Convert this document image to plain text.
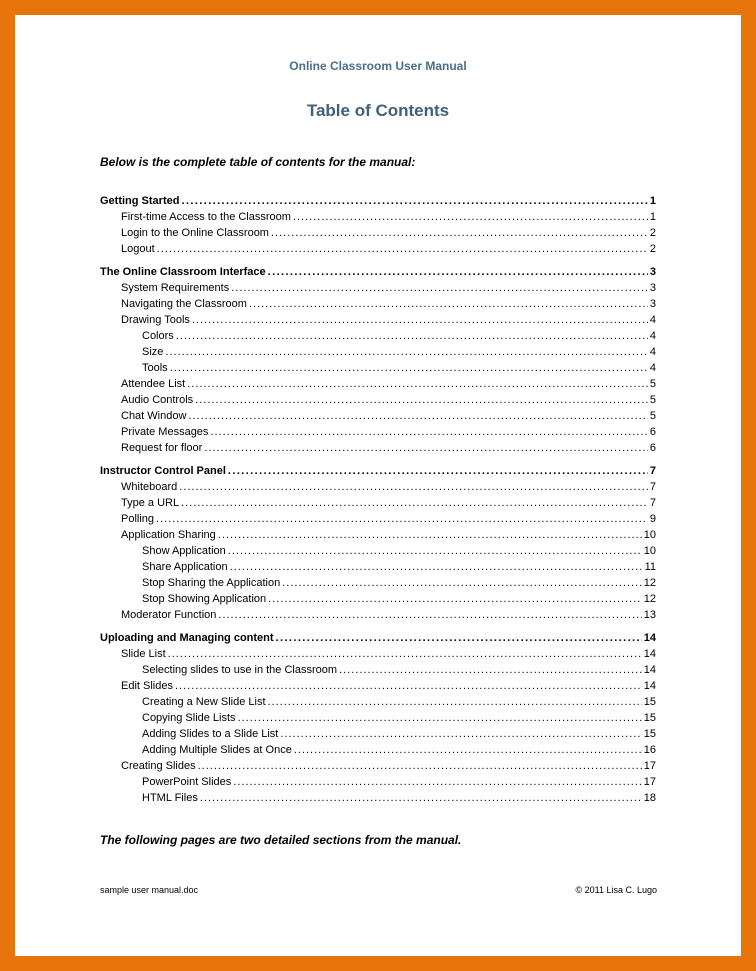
Online Classroom User Manual
Table of Contents
Below is the complete table of contents for the manual:
Getting Started .....	1
First-time Access to the Classroom .....	1
Login to the Online Classroom .....	2
Logout .....	2
The Online Classroom Interface .....	3
System Requirements .....	3
Navigating the Classroom .....	3
Drawing Tools .....	4
Colors .....	4
Size .....	4
Tools .....	4
Attendee List .....	5
Audio Controls .....	5
Chat Window .....	5
Private Messages .....	6
Request for floor .....	6
Instructor Control Panel .....	7
Whiteboard .....	7
Type a URL .....	7
Polling .....	9
Application Sharing .....	10
Show Application .....	10
Share Application .....	11
Stop Sharing the Application .....	12
Stop Showing Application .....	12
Moderator Function .....	13
Uploading and Managing content .....	14
Slide List .....	14
Selecting slides to use in the Classroom .....	14
Edit Slides .....	14
Creating a New Slide List .....	15
Copying Slide Lists .....	15
Adding Slides to a Slide List .....	15
Adding Multiple Slides at Once .....	16
Creating Slides .....	17
PowerPoint Slides .....	17
HTML Files .....	18
The following pages are two detailed sections from the manual.
sample user manual.doc	© 2011 Lisa C. Lugo
